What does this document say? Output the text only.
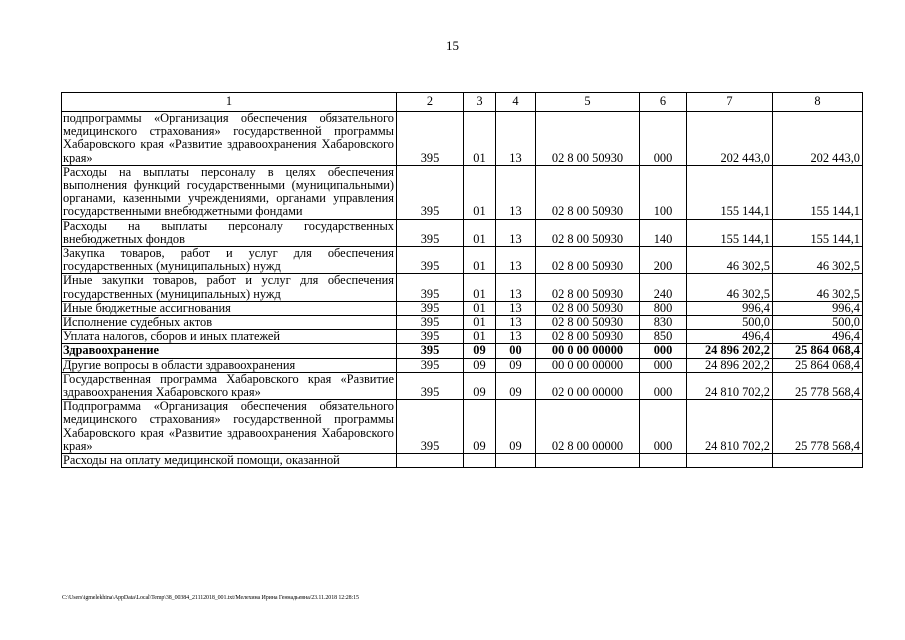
15
1	2	3	4	5	6	7	8
подпрограммы «Организация обеспечения обязательного медицинского страхования» государственной программы Хабаровского края «Развитие здравоохранения Хабаровского края»	395	01	13	02 8 00 50930	000	202 443,0	202 443,0
Расходы на выплаты персоналу в целях обеспечения выполнения функций государственными (муниципальными) органами, казенными учреждениями, органами управления государственными внебюджетными фондами	395	01	13	02 8 00 50930	100	155 144,1	155 144,1
Расходы на выплаты персоналу государственных внебюджетных фондов	395	01	13	02 8 00 50930	140	155 144,1	155 144,1
Закупка товаров, работ и услуг для обеспечения государственных (муниципальных) нужд	395	01	13	02 8 00 50930	200	46 302,5	46 302,5
Иные закупки товаров, работ и услуг для обеспечения государственных (муниципальных) нужд	395	01	13	02 8 00 50930	240	46 302,5	46 302,5
Иные бюджетные ассигнования	395	01	13	02 8 00 50930	800	996,4	996,4
Исполнение судебных актов	395	01	13	02 8 00 50930	830	500,0	500,0
Уплата налогов, сборов и иных платежей	395	01	13	02 8 00 50930	850	496,4	496,4
Здравоохранение	395	09	00	00 0 00 00000	000	24 896 202,2	25 864 068,4
Другие вопросы в области здравоохранения	395	09	09	00 0 00 00000	000	24 896 202,2	25 864 068,4
Государственная программа Хабаровского края «Развитие здравоохранения Хабаровского края»	395	09	09	02 0 00 00000	000	24 810 702,2	25 778 568,4
Подпрограмма «Организация обеспечения обязательного медицинского страхования» государственной программы Хабаровского края «Развитие здравоохранения Хабаровского края»	395	09	09	02 8 00 00000	000	24 810 702,2	25 778 568,4
Расходы на оплату медицинской помощи, оказанной							
C:\Users\igmelekhina\AppData\Local\Temp\38_00384_21112018_001.txt/Мелехина Ирина Геннадьевна/23.11.2018 12:28:15
